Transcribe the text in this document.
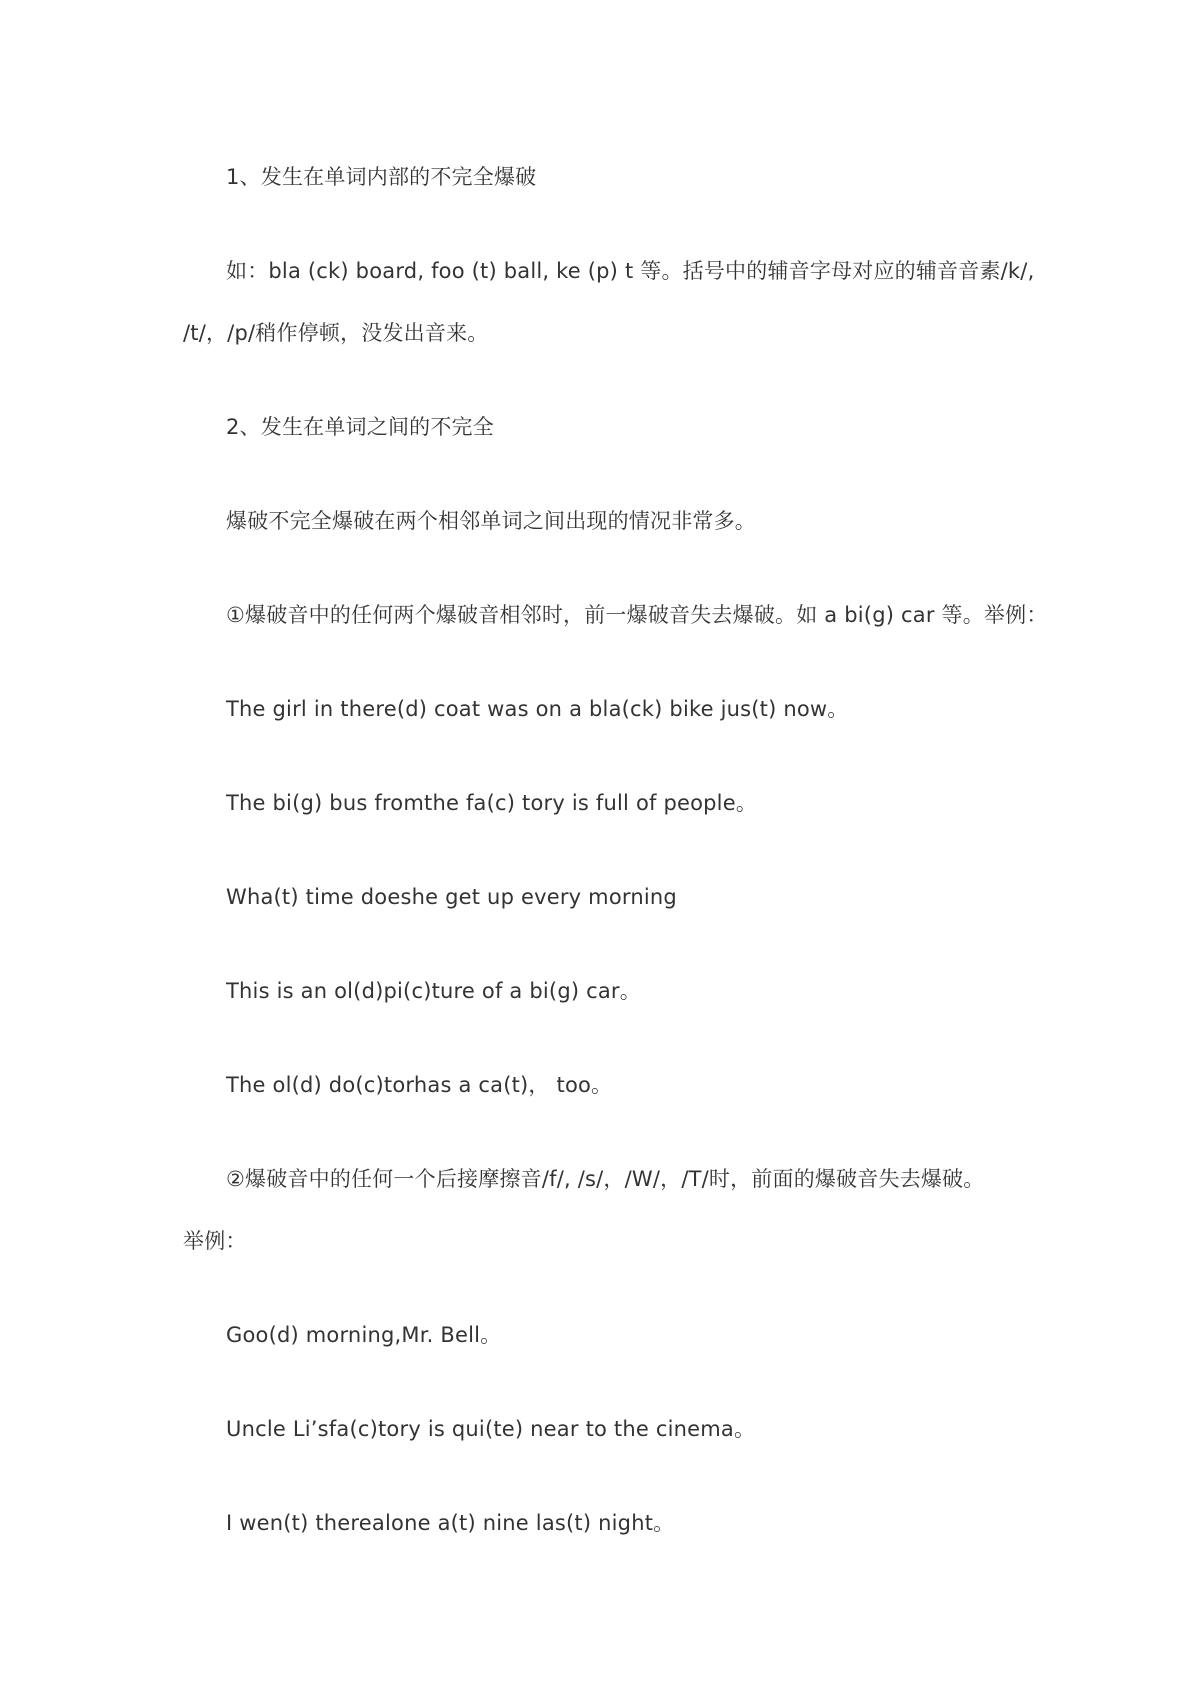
1、发生在单词内部的不完全爆破
如：bla (ck) board, foo (t) ball, ke (p) t 等。括号中的辅音字母对应的辅音音素/k/,
/t/，/p/稍作停顿，没发出音来。
2、发生在单词之间的不完全
爆破不完全爆破在两个相邻单词之间出现的情况非常多。
①爆破音中的任何两个爆破音相邻时，前一爆破音失去爆破。如 a bi(g) car 等。举例：
The girl in there(d) coat was on a bla(ck) bike jus(t) now。
The bi(g) bus fromthe fa(c) tory is full of people。
Wha(t) time doeshe get up every morning
This is an ol(d)pi(c)ture of a bi(g) car。
The ol(d) do(c)torhas a ca(t)， too。
②爆破音中的任何一个后接摩擦音/f/, /s/，/W/，/T/时，前面的爆破音失去爆破。
举例：
Goo(d) morning,Mr. Bell。
Uncle Li’sfa(c)tory is qui(te) near to the cinema。
I wen(t) therealone a(t) nine las(t) night。
